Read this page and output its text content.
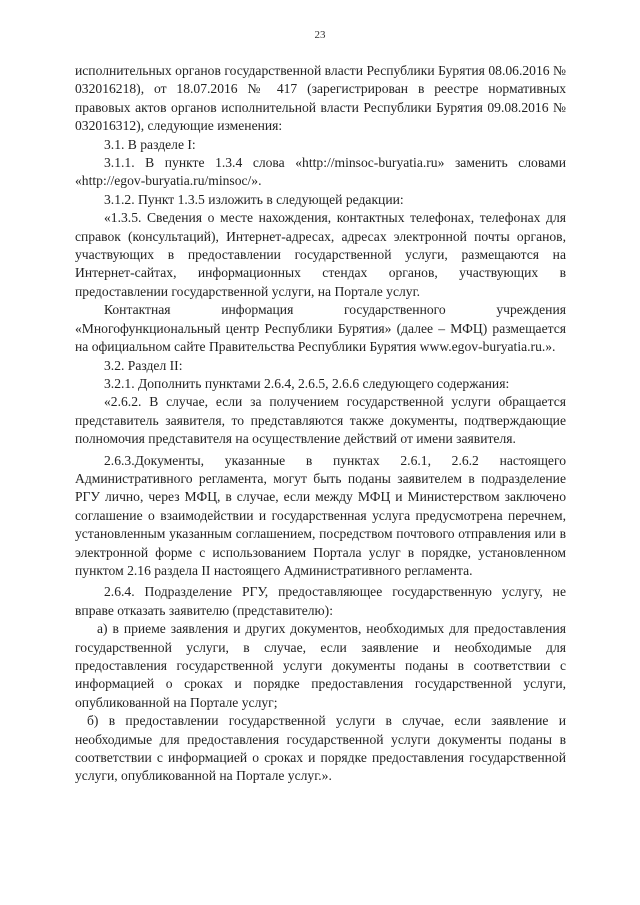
23

исполнительных органов государственной власти Республики Бурятия 08.06.2016 № 032016218), от 18.07.2016 № 417 (зарегистрирован в реестре нормативных правовых актов органов исполнительной власти Республики Бурятия 09.08.2016 № 032016312), следующие изменения:

3.1. В разделе I:

3.1.1. В пункте 1.3.4 слова «http://minsoc-buryatia.ru» заменить словами «http://egov-buryatia.ru/minsoc/».

3.1.2. Пункт 1.3.5 изложить в следующей редакции:

«1.3.5. Сведения о месте нахождения, контактных телефонах, телефонах для справок (консультаций), Интернет-адресах, адресах электронной почты органов, участвующих в предоставлении государственной услуги, размещаются на Интернет-сайтах, информационных стендах органов, участвующих в предоставлении государственной услуги, на Портале услуг.

Контактная информация государственного учреждения «Многофункциональный центр Республики Бурятия» (далее – МФЦ) размещается на официальном сайте Правительства Республики Бурятия www.egov-buryatia.ru.».

3.2. Раздел II:

3.2.1. Дополнить пунктами 2.6.4, 2.6.5, 2.6.6 следующего содержания:

«2.6.2. В случае, если за получением государственной услуги обращается представитель заявителя, то представляются также документы, подтверждающие полномочия представителя на осуществление действий от имени заявителя.

2.6.3.Документы, указанные в пунктах 2.6.1, 2.6.2 настоящего Административного регламента, могут быть поданы заявителем в подразделение РГУ лично, через МФЦ, в случае, если между МФЦ и Министерством заключено соглашение о взаимодействии и государственная услуга предусмотрена перечнем, установленным указанным соглашением, посредством почтового отправления или в электронной форме с использованием Портала услуг в порядке, установленном пунктом 2.16 раздела II настоящего Административного регламента.

2.6.4. Подразделение РГУ, предоставляющее государственную услугу, не вправе отказать заявителю (представителю):

а) в приеме заявления и других документов, необходимых для предоставления государственной услуги, в случае, если заявление и необходимые для предоставления государственной услуги документы поданы в соответствии с информацией о сроках и порядке предоставления государственной услуги, опубликованной на Портале услуг;

б) в предоставлении государственной услуги в случае, если заявление и необходимые для предоставления государственной услуги документы поданы в соответствии с информацией о сроках и порядке предоставления государственной услуги, опубликованной на Портале услуг.».
